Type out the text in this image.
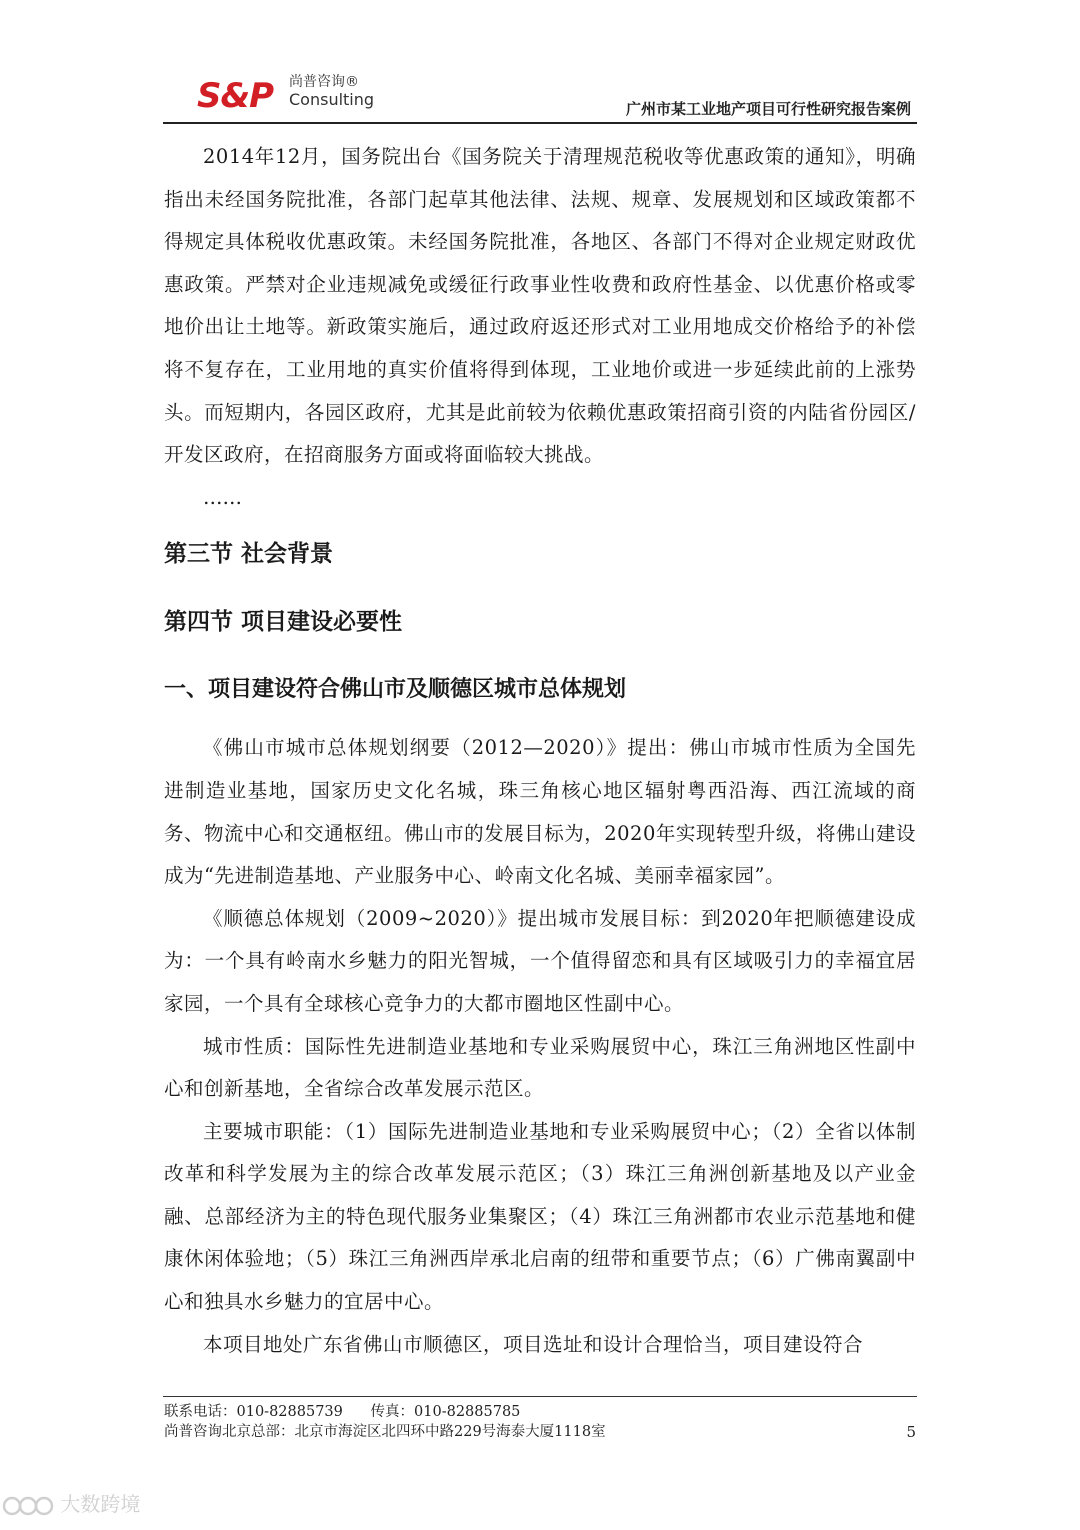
S&P 尚普咨询®
Consulting	广州市某工业地产项目可行性研究报告案例

2014年12月，国务院出台《国务院关于清理规范税收等优惠政策的通知》，明确指出未经国务院批准，各部门起草其他法律、法规、规章、发展规划和区域政策都不得规定具体税收优惠政策。未经国务院批准，各地区、各部门不得对企业规定财政优惠政策。严禁对企业违规减免或缓征行政事业性收费和政府性基金、以优惠价格或零地价出让土地等。新政策实施后，通过政府返还形式对工业用地成交价格给予的补偿将不复存在，工业用地的真实价值将得到体现，工业地价或进一步延续此前的上涨势头。而短期内，各园区政府，尤其是此前较为依赖优惠政策招商引资的内陆省份园区/开发区政府，在招商服务方面或将面临较大挑战。

……

第三节 社会背景
第四节 项目建设必要性
一、项目建设符合佛山市及顺德区城市总体规划

《佛山市城市总体规划纲要（2012—2020）》提出：佛山市城市性质为全国先进制造业基地，国家历史文化名城，珠三角核心地区辐射粤西沿海、西江流域的商务、物流中心和交通枢纽。佛山市的发展目标为，2020年实现转型升级，将佛山建设成为“先进制造基地、产业服务中心、岭南文化名城、美丽幸福家园”。

《顺德总体规划（2009~2020）》提出城市发展目标：到2020年把顺德建设成为：一个具有岭南水乡魅力的阳光智城，一个值得留恋和具有区域吸引力的幸福宜居家园，一个具有全球核心竞争力的大都市圈地区性副中心。

城市性质：国际性先进制造业基地和专业采购展贸中心，珠江三角洲地区性副中心和创新基地，全省综合改革发展示范区。

主要城市职能：（1）国际先进制造业基地和专业采购展贸中心；（2）全省以体制改革和科学发展为主的综合改革发展示范区；（3）珠江三角洲创新基地及以产业金融、总部经济为主的特色现代服务业集聚区；（4）珠江三角洲都市农业示范基地和健康休闲体验地；（5）珠江三角洲西岸承北启南的纽带和重要节点；（6）广佛南翼副中心和独具水乡魅力的宜居中心。

本项目地处广东省佛山市顺德区，项目选址和设计合理恰当，项目建设符合

联系电话：010-82885739      传真：010-82885785
尚普咨询北京总部：北京市海淀区北四环中路229号海泰大厦1118室	5
大数跨境
